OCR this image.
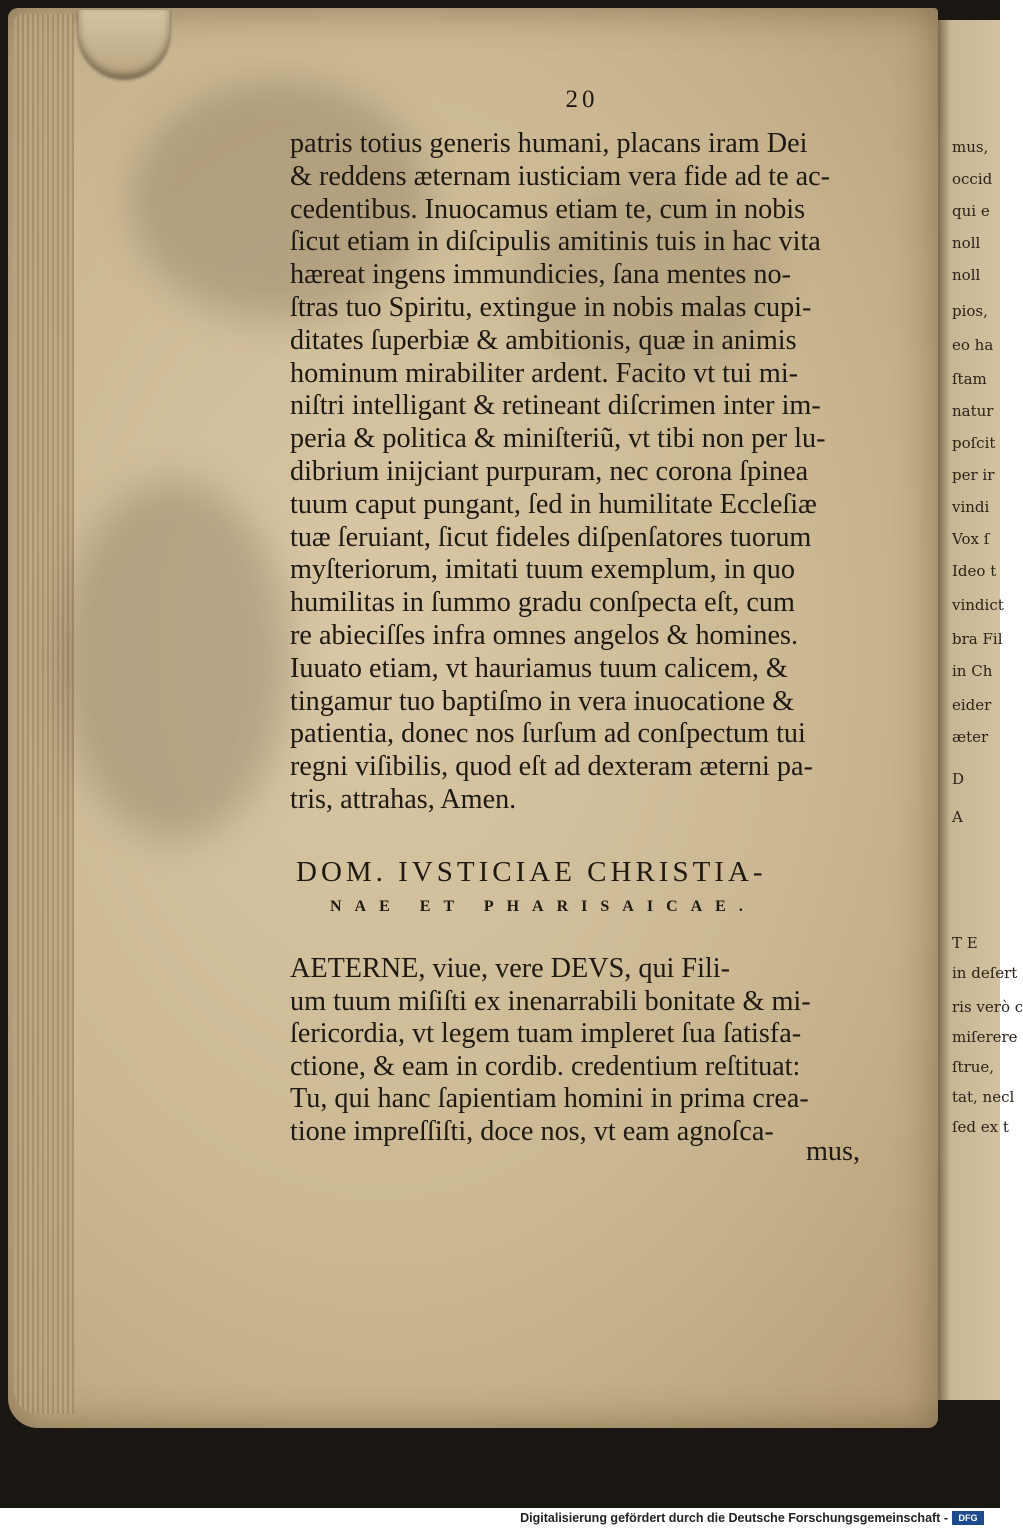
mus,
occid
qui e
noll
noll
pios,
eo ha
ſtam
natur
poſcit
per ir
vindi
Vox ſ
Ideo t
vindict
bra Fil
in Ch
eider
æter
D
A
T E
in deſert
ris verò c
miſerere
ſtrue,
tat, necl
ſed ex t
20
patris totius generis humani, placans iram Dei
& reddens æternam iusticiam vera fide ad te ac-
cedentibus. Inuocamus etiam te, cum in nobis
ſicut etiam in diſcipulis amitinis tuis in hac vita
hæreat ingens immundicies, ſana mentes no-
ſtras tuo Spiritu, extingue in nobis malas cupi-
ditates ſuperbiæ & ambitionis, quæ in animis
hominum mirabiliter ardent. Facito vt tui mi-
niſtri intelligant & retineant diſcrimen inter im-
peria & politica & miniſteriũ, vt tibi non per lu-
dibrium inijciant purpuram, nec corona ſpinea
tuum caput pungant, ſed in humilitate Eccleſiæ
tuæ ſeruiant, ſicut fideles diſpenſatores tuorum
myſteriorum, imitati tuum exemplum, in quo
humilitas in ſummo gradu conſpecta eſt, cum
re abieciſſes infra omnes angelos & homines.
Iuuato etiam, vt hauriamus tuum calicem, &
tingamur tuo baptiſmo in vera inuocatione &
patientia, donec nos ſurſum ad conſpectum tui
regni viſibilis, quod eſt ad dexteram æterni pa-
tris, attrahas, Amen.
DOM. IVSTICIAE CHRISTIA-
NAE ET PHARISAICAE.
AETERNE, viue, vere DEVS, qui Fili-
um tuum miſiſti ex inenarrabili bonitate & mi-
ſericordia, vt legem tuam impleret ſua ſatisfa-
ctione, & eam in cordib. credentium reſtituat:
Tu, qui hanc ſapientiam homini in prima crea-
tione impreſſiſti, doce nos, vt eam agnoſca-
mus,
Digitalisierung gefördert durch die Deutsche Forschungsgemeinschaft -	DFG
